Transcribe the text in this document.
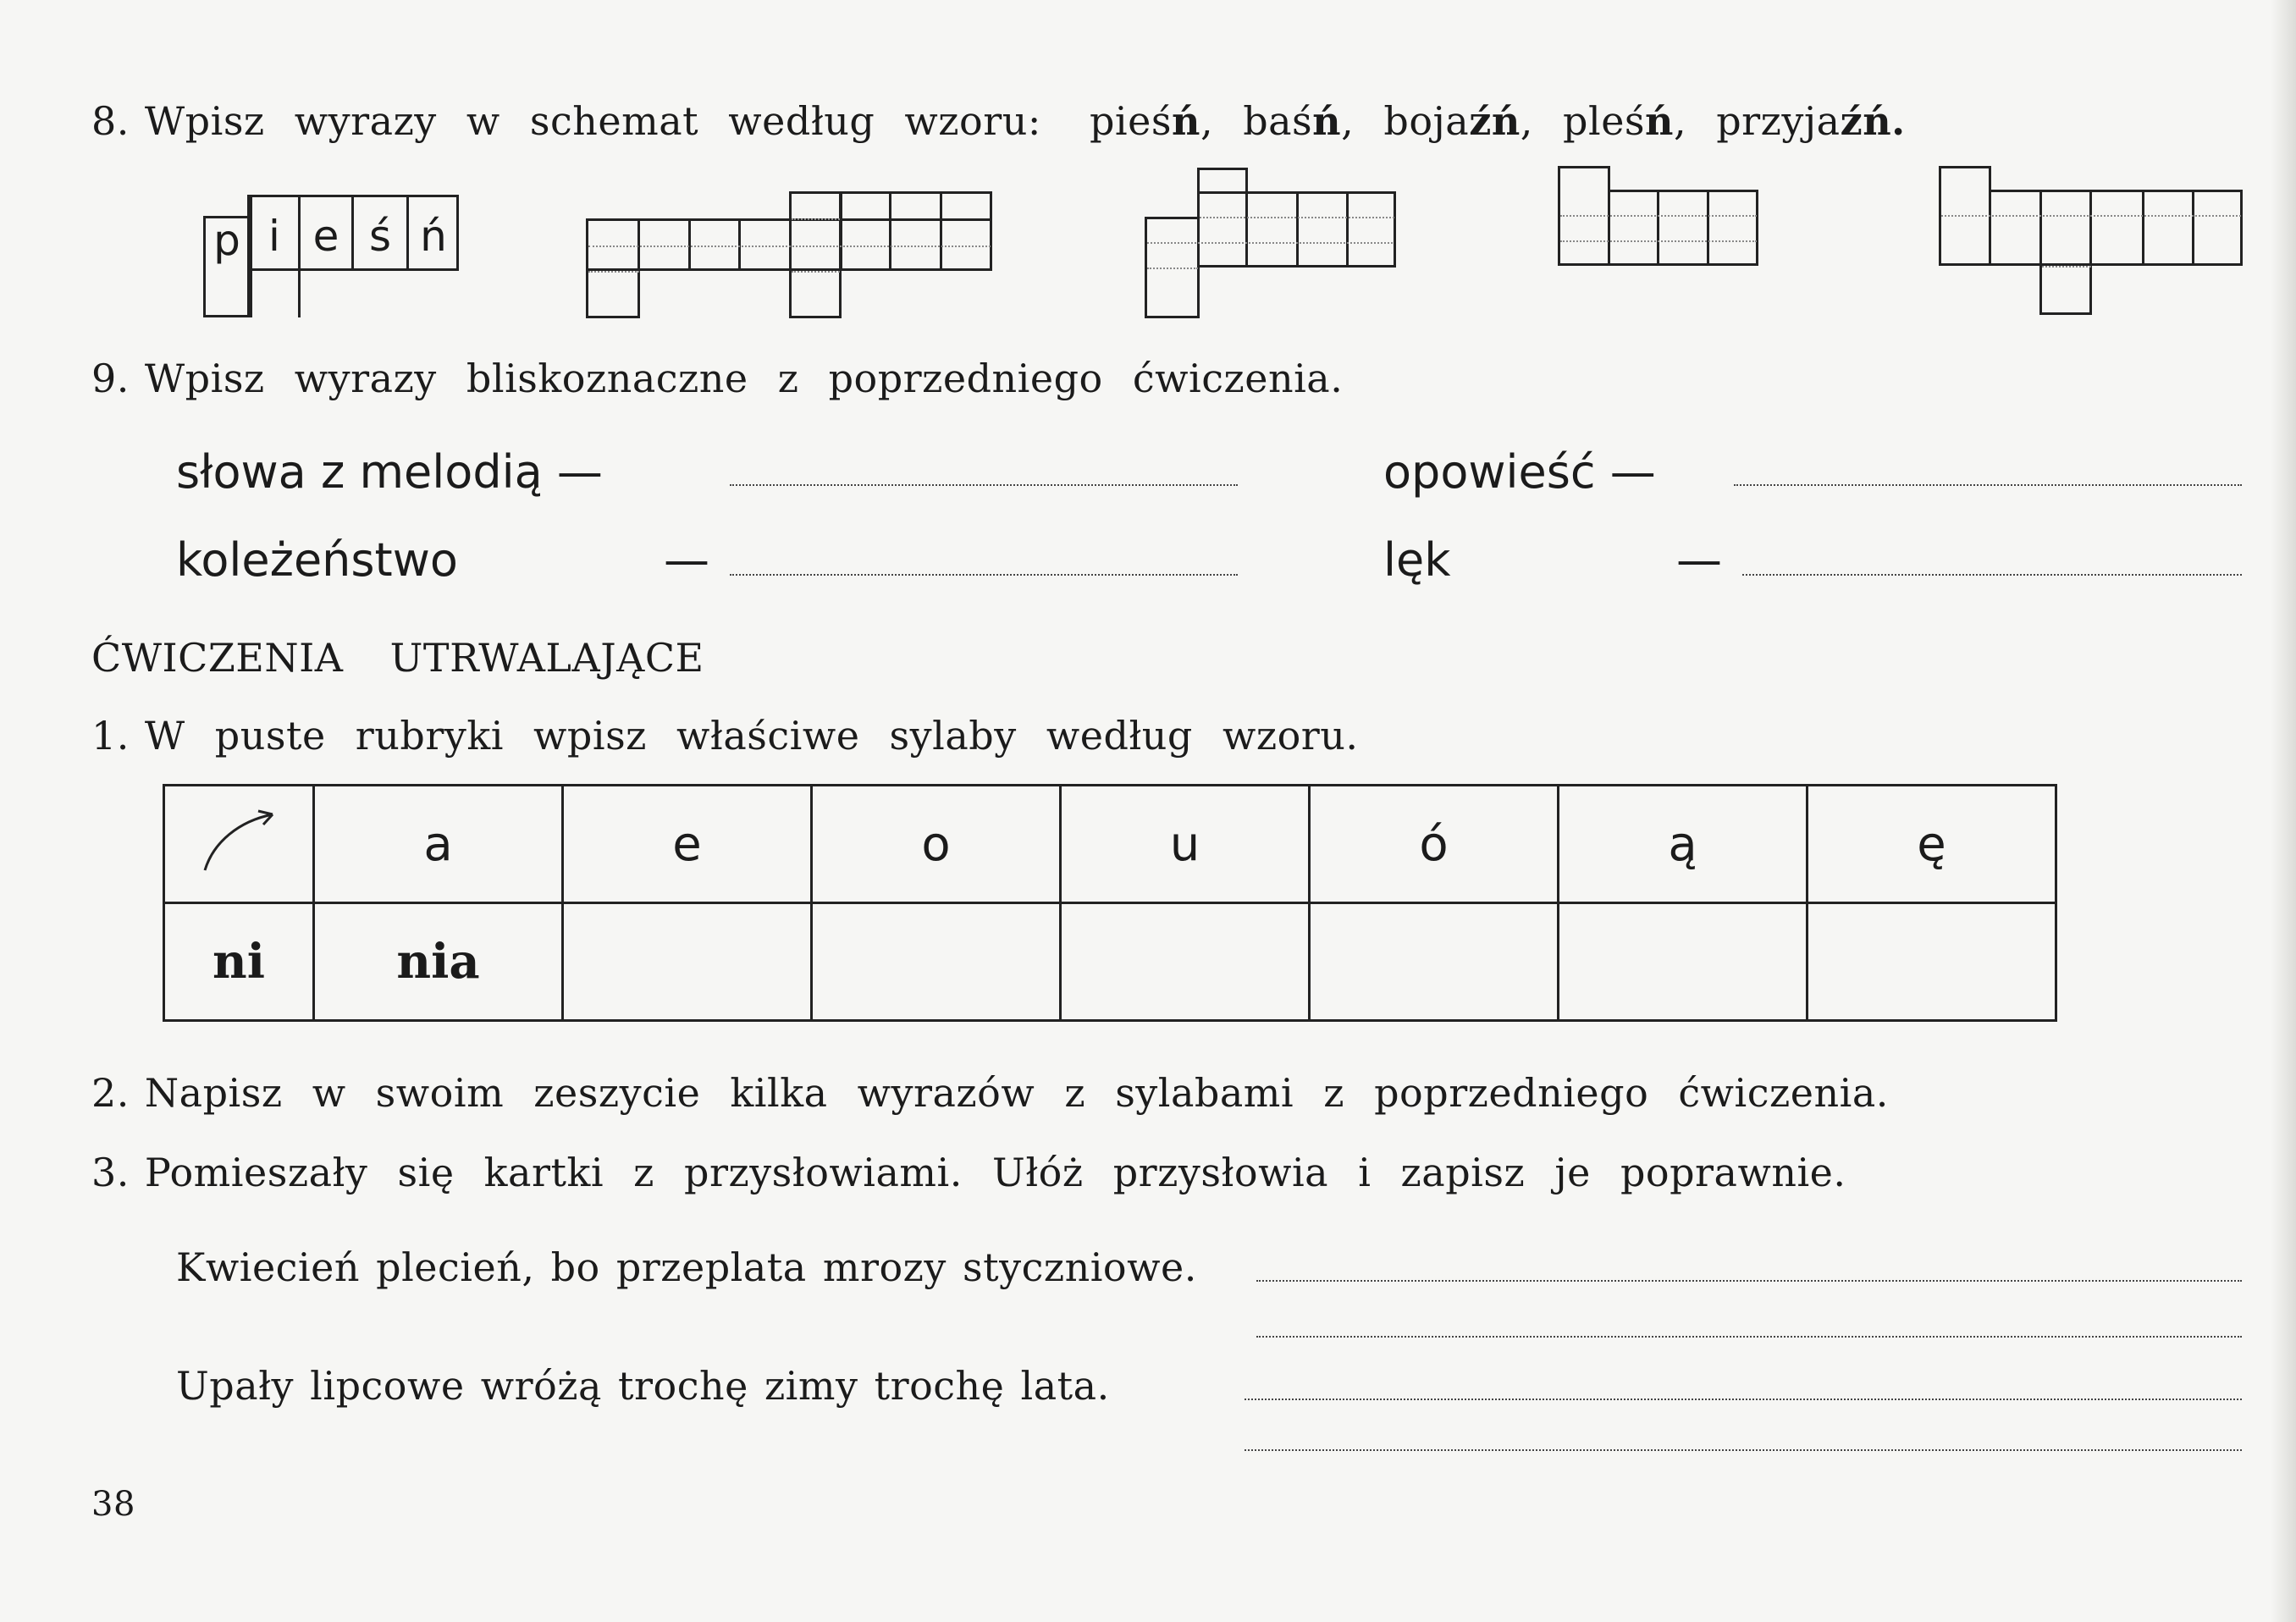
8. Wpisz wyrazy w schemat według wzoru: pieśń, baśń, bojaźń, pleśń, przyjaźń.
p i e ś ń
9. Wpisz wyrazy bliskoznaczne z poprzedniego ćwiczenia.
słowa z melodią —	opowieść —
koleżeństwo	—	lęk	—
ĆWICZENIA UTRWALAJĄCE
1. W puste rubryki wpisz właściwe sylaby według wzoru.
	a	e	o	u	ó	ą	ę
ni	nia						
2. Napisz w swoim zeszycie kilka wyrazów z sylabami z poprzedniego ćwiczenia.
3. Pomieszały się kartki z przysłowiami. Ułóż przysłowia i zapisz je poprawnie.
Kwiecień plecień, bo przeplata mrozy styczniowe.
Upały lipcowe wróżą trochę zimy trochę lata.
38
